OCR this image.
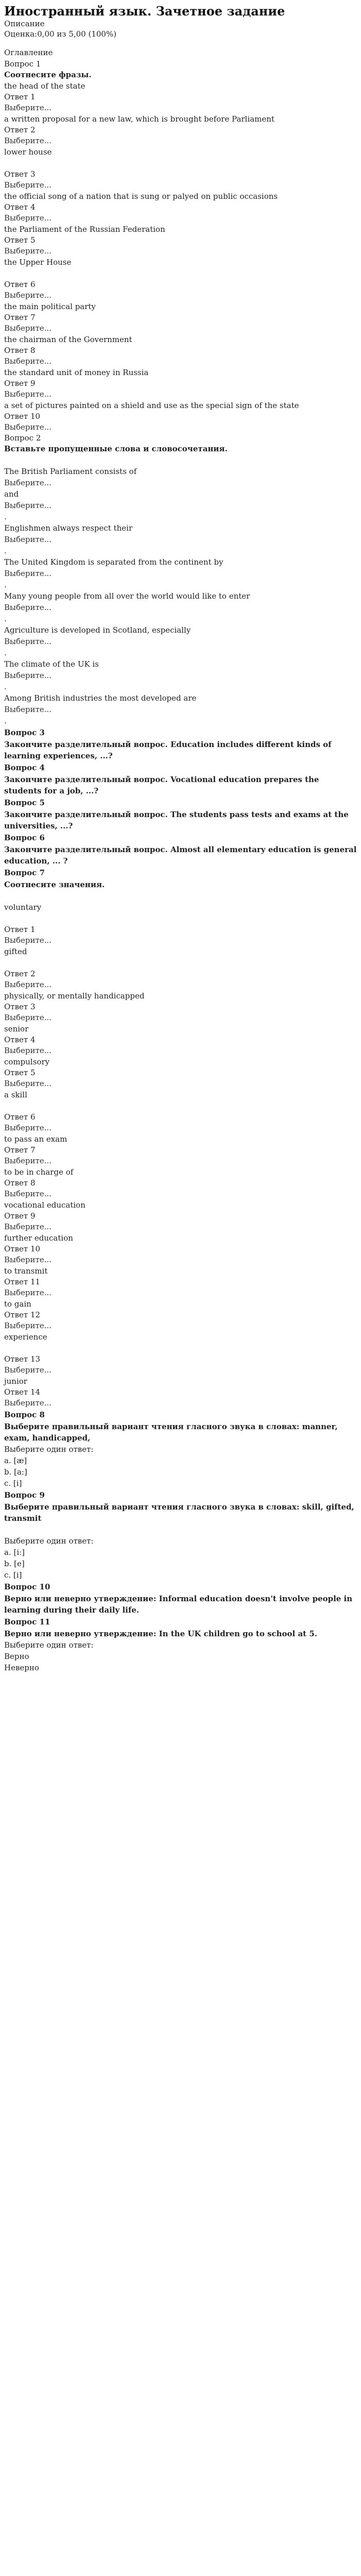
Иностранный язык. Зачетное задание
Описание
Оценка:0,00 из 5,00 (100%)
Оглавление
Вопрос 1
Соотнесите фразы.
the head of the state
Ответ 1
Выберите...
a written proposal for a new law, which is brought before Parliament
Ответ 2
Выберите...
lower house
Ответ 3
Выберите...
the official song of a nation that is sung or palyed on public occasions
Ответ 4
Выберите...
the Parliament of the Russian Federation
Ответ 5
Выберите...
the Upper House
Ответ 6
Выберите...
the main political party
Ответ 7
Выберите...
the chairman of the Government
Ответ 8
Выберите...
the standard unit of money in Russia
Ответ 9
Выберите...
a set of pictures painted on a shield and use as the special sign of the state
Ответ 10
Выберите...
Вопрос 2
Вставьте пропущенные слова и словосочетания.
The British Parliament consists of
Выберите...
and
Выберите...
.
Englishmen always respect their
Выберите...
.
The United Kingdom is separated from the continent by
Выберите...
.
Many young people from all over the world would like to enter
Выберите...
.
Agriculture is developed in Scotland, especially
Выберите...
.
The climate of the UK is
Выберите...
.
Among British industries the most developed are
Выберите...
.
Вопрос 3
Закончите разделительный вопрос. Education includes different kinds of learning experiences, ...?
Вопрос 4
Закончите разделительный вопрос. Vocational education prepares the students for a job, ...?
Вопрос 5
Закончите разделительный вопрос. The students pass tests and exams at the universities, ...?
Вопрос 6
Закончите разделительный вопрос. Almost all elementary education is general education, ... ?
Вопрос 7
Соотнесите значения.
voluntary
Ответ 1
Выберите...
gifted
Ответ 2
Выберите...
physically, or mentally handicapped
Ответ 3
Выберите...
senior
Ответ 4
Выберите...
compulsory
Ответ 5
Выберите...
a skill
Ответ 6
Выберите...
to pass an exam
Ответ 7
Выберите...
to be in charge of
Ответ 8
Выберите...
vocational education
Ответ 9
Выберите...
further education
Ответ 10
Выберите...
to transmit
Ответ 11
Выберите...
to gain
Ответ 12
Выберите...
experience
Ответ 13
Выберите...
junior
Ответ 14
Выберите...
Вопрос 8
Выберите правильный вариант чтения гласного звука в словах: manner, exam, handicapped,
Выберите один ответ:
a. [æ]
b. [a:]
c. [i]
Вопрос 9
Выберите правильный вариант чтения гласного звука в словах: skill, gifted, transmit
Выберите один ответ:
a. [i:]
b. [e]
c. [i]
Вопрос 10
Верно или неверно утверждение: Informal education doesn't involve people in learning during their daily life.
Вопрос 11
Верно или неверно утверждение: In the UK children go to school at 5.
Выберите один ответ:
Верно
Неверно
